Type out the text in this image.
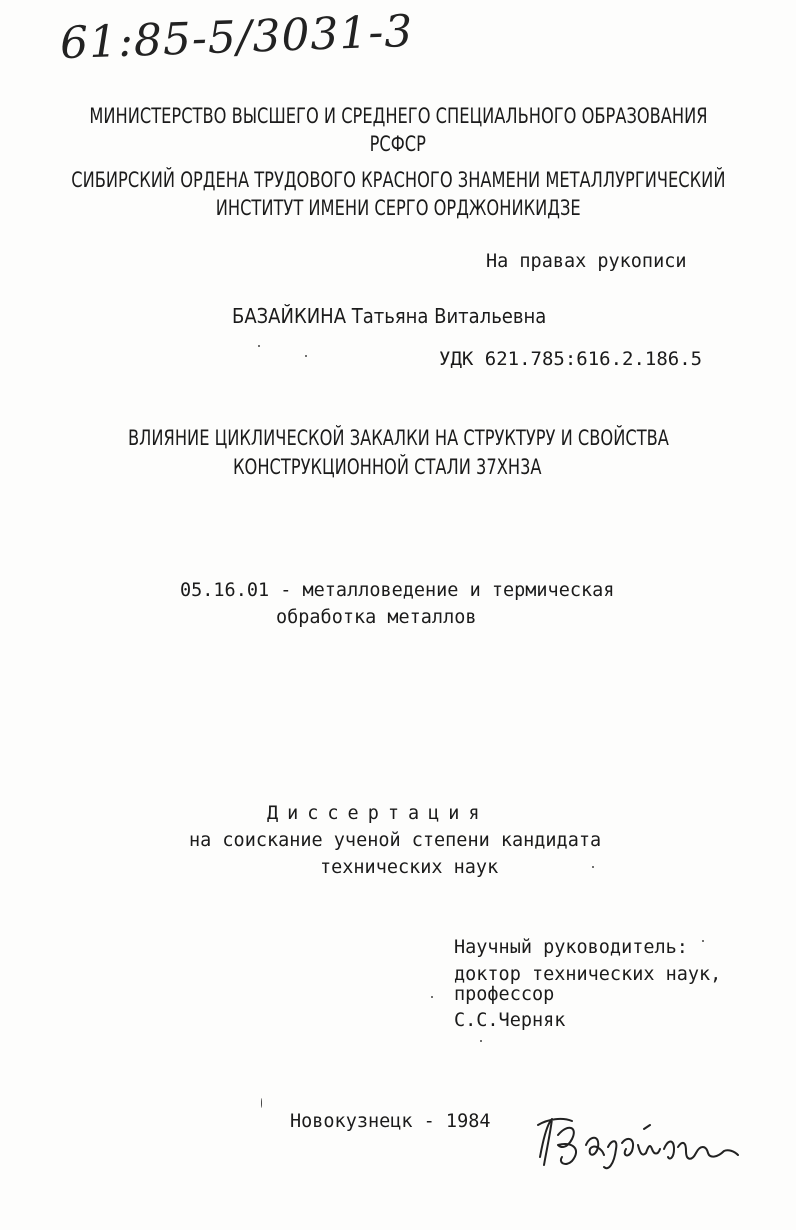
61:85-5/3031-3
МИНИСТЕРСТВО ВЫСШЕГО И СРЕДНЕГО СПЕЦИАЛЬНОГО ОБРАЗОВАНИЯ
РСФСР
СИБИРСКИЙ ОРДЕНА ТРУДОВОГО КРАСНОГО ЗНАМЕНИ МЕТАЛЛУРГИЧЕСКИЙ
ИНСТИТУТ ИМЕНИ СЕРГО ОРДЖОНИКИДЗЕ
На правах рукописи
БАЗАЙКИНА Татьяна Витальевна
УДК 621.785:616.2.186.5
ВЛИЯНИЕ ЦИКЛИЧЕСКОЙ ЗАКАЛКИ НА СТРУКТУРУ И СВОЙСТВА
КОНСТРУКЦИОННОЙ СТАЛИ 37ХН3А
05.16.01 - металловедение и термическая
обработка металлов
Диссертация
на соискание ученой степени кандидата
технических наук
Научный руководитель:
доктор технических наук,
профессор
С.С.Черняк
Новокузнецк - 1984
